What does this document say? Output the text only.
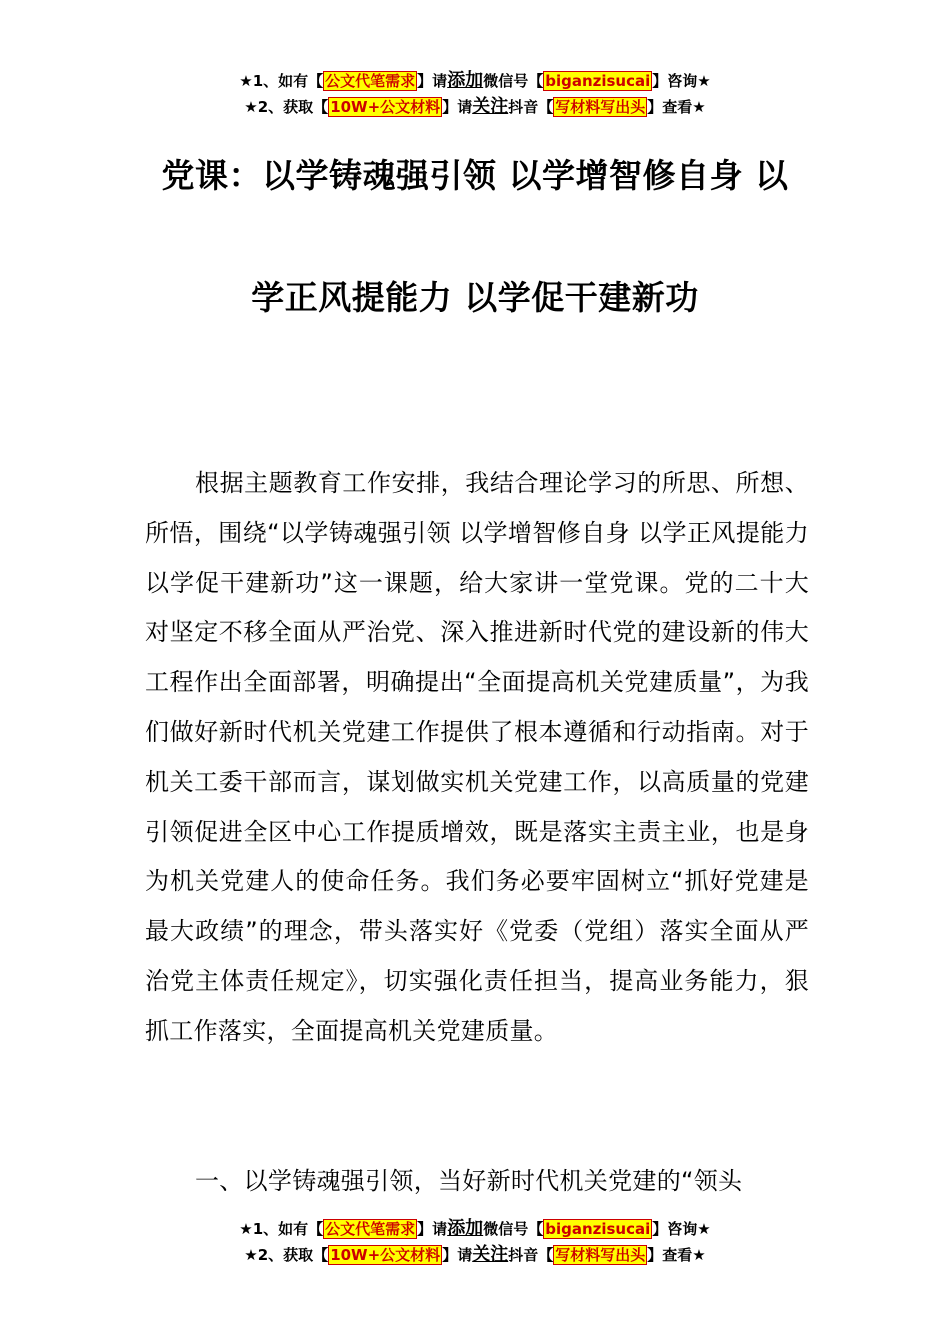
★1、如有【 公文代笔需求 】请添加微信号【 biganzisucai 】咨询★
★2、获取【 10W+公文材料 】请关注抖音【 写材料写出头 】查看★
党课：以学铸魂强引领 以学增智修自身 以
学正风提能力 以学促干建新功

根据主题教育工作安排，我结合理论学习的所思、所想、所悟，围绕“以学铸魂强引领 以学增智修自身 以学正风提能力 以学促干建新功”这一课题，给大家讲一堂党课。党的二十大对坚定不移全面从严治党、深入推进新时代党的建设新的伟大工程作出全面部署，明确提出“全面提高机关党建质量”，为我们做好新时代机关党建工作提供了根本遵循和行动指南。对于机关工委干部而言，谋划做实机关党建工作，以高质量的党建引领促进全区中心工作提质增效，既是落实主责主业，也是身为机关党建人的使命任务。我们务必要牢固树立“抓好党建是最大政绩”的理念，带头落实好《党委（党组）落实全面从严治党主体责任规定》，切实强化责任担当，提高业务能力，狠抓工作落实，全面提高机关党建质量。

一、以学铸魂强引领，当好新时代机关党建的“领头

★1、如有【 公文代笔需求 】请添加微信号【 biganzisucai 】咨询★
★2、获取【 10W+公文材料 】请关注抖音【 写材料写出头 】查看★
